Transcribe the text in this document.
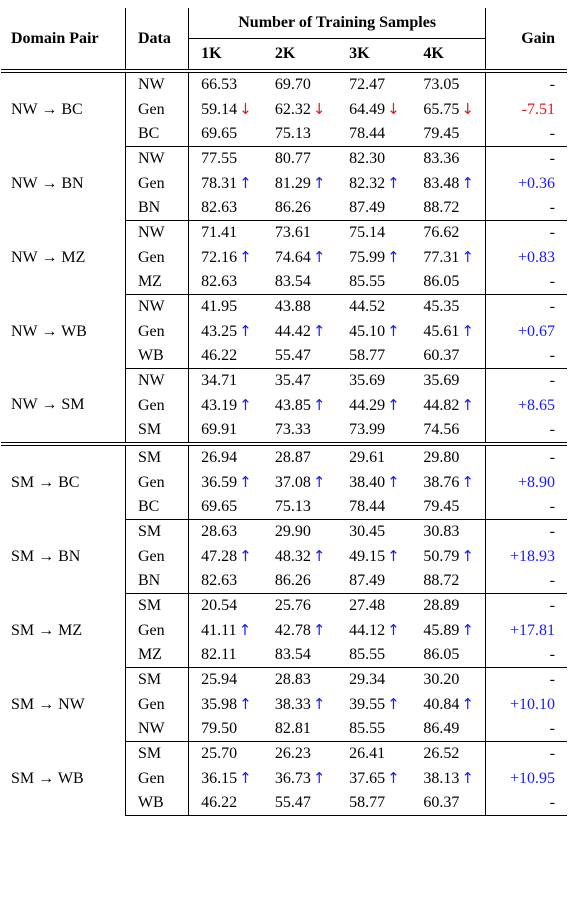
Domain Pair	Data	Number of Training Samples				Gain
		1K	2K	3K	4K	

NW → BC	NW	66.53	69.70	72.47	73.05	-
	Gen	59.14 ↓	62.32 ↓	64.49 ↓	65.75 ↓	-7.51
	BC	69.65	75.13	78.44	79.45	-
NW → BN	NW	77.55	80.77	82.30	83.36	-
	Gen	78.31 ↑	81.29 ↑	82.32 ↑	83.48 ↑	+0.36
	BN	82.63	86.26	87.49	88.72	-
NW → MZ	NW	71.41	73.61	75.14	76.62	-
	Gen	72.16 ↑	74.64 ↑	75.99 ↑	77.31 ↑	+0.83
	MZ	82.63	83.54	85.55	86.05	-
NW → WB	NW	41.95	43.88	44.52	45.35	-
	Gen	43.25 ↑	44.42 ↑	45.10 ↑	45.61 ↑	+0.67
	WB	46.22	55.47	58.77	60.37	-
NW → SM	NW	34.71	35.47	35.69	35.69	-
	Gen	43.19 ↑	43.85 ↑	44.29 ↑	44.82 ↑	+8.65
	SM	69.91	73.33	73.99	74.56	-

SM → BC	SM	26.94	28.87	29.61	29.80	-
	Gen	36.59 ↑	37.08 ↑	38.40 ↑	38.76 ↑	+8.90
	BC	69.65	75.13	78.44	79.45	-
SM → BN	SM	28.63	29.90	30.45	30.83	-
	Gen	47.28 ↑	48.32 ↑	49.15 ↑	50.79 ↑	+18.93
	BN	82.63	86.26	87.49	88.72	-
SM → MZ	SM	20.54	25.76	27.48	28.89	-
	Gen	41.11 ↑	42.78 ↑	44.12 ↑	45.89 ↑	+17.81
	MZ	82.11	83.54	85.55	86.05	-
SM → NW	SM	25.94	28.83	29.34	30.20	-
	Gen	35.98 ↑	38.33 ↑	39.55 ↑	40.84 ↑	+10.10
	NW	79.50	82.81	85.55	86.49	-
SM → WB	SM	25.70	26.23	26.41	26.52	-
	Gen	36.15 ↑	36.73 ↑	37.65 ↑	38.13 ↑	+10.95
	WB	46.22	55.47	58.77	60.37	-
